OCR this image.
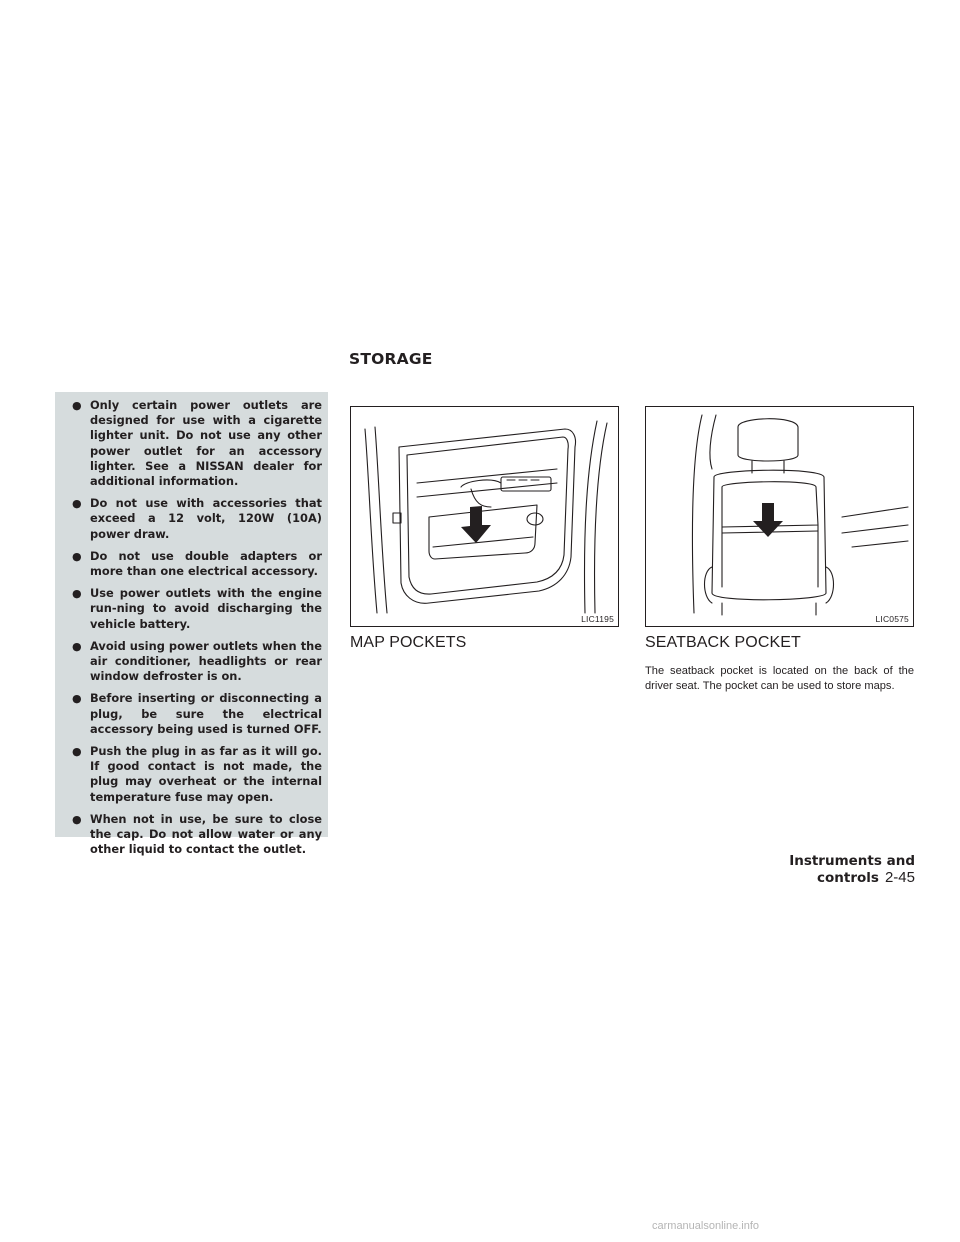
STORAGE
● Only certain power outlets are designed for use with a cigarette lighter unit. Do not use any other power outlet for an accessory lighter. See a NISSAN dealer for additional information.
● Do not use with accessories that exceed a 12 volt, 120W (10A) power draw.
● Do not use double adapters or more than one electrical accessory.
● Use power outlets with the engine run-ning to avoid discharging the vehicle battery.
● Avoid using power outlets when the air conditioner, headlights or rear window defroster is on.
● Before inserting or disconnecting a plug, be sure the electrical accessory being used is turned OFF.
● Push the plug in as far as it will go. If good contact is not made, the plug may overheat or the internal temperature fuse may open.
● When not in use, be sure to close the cap. Do not allow water or any other liquid to contact the outlet.
LIC1195	LIC0575
MAP POCKETS	SEATBACK POCKET

The seatback pocket is located on the back of the driver seat. The pocket can be used to store maps.

Instruments and controls 2-45
carmanualsonline.info
